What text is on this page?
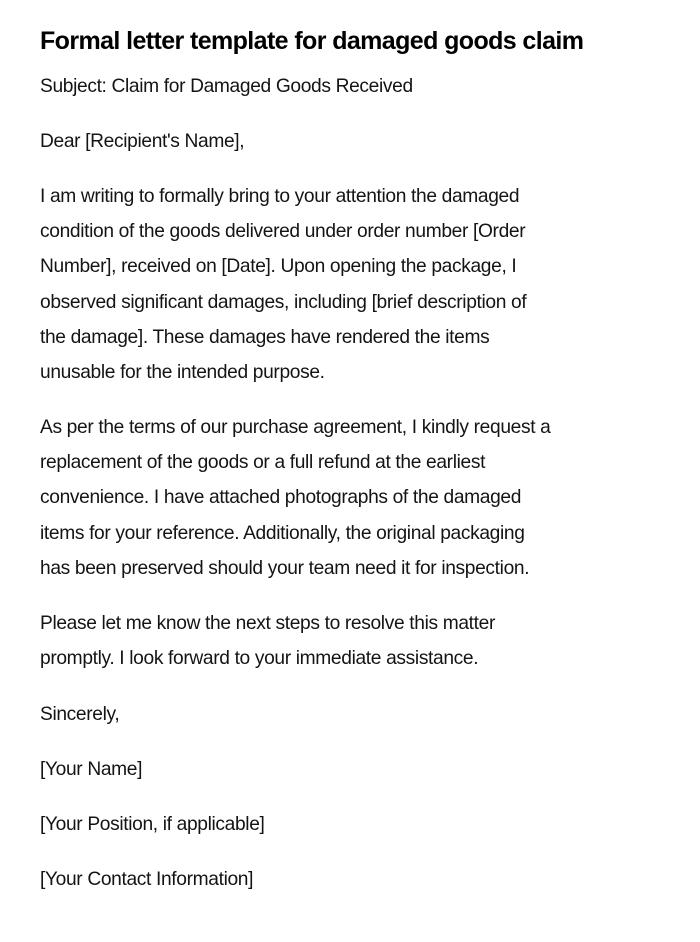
Formal letter template for damaged goods claim

Subject: Claim for Damaged Goods Received

Dear [Recipient's Name],

I am writing to formally bring to your attention the damaged
condition of the goods delivered under order number [Order
Number], received on [Date]. Upon opening the package, I
observed significant damages, including [brief description of
the damage]. These damages have rendered the items
unusable for the intended purpose.

As per the terms of our purchase agreement, I kindly request a
replacement of the goods or a full refund at the earliest
convenience. I have attached photographs of the damaged
items for your reference. Additionally, the original packaging
has been preserved should your team need it for inspection.

Please let me know the next steps to resolve this matter
promptly. I look forward to your immediate assistance.

Sincerely,

[Your Name]

[Your Position, if applicable]

[Your Contact Information]
